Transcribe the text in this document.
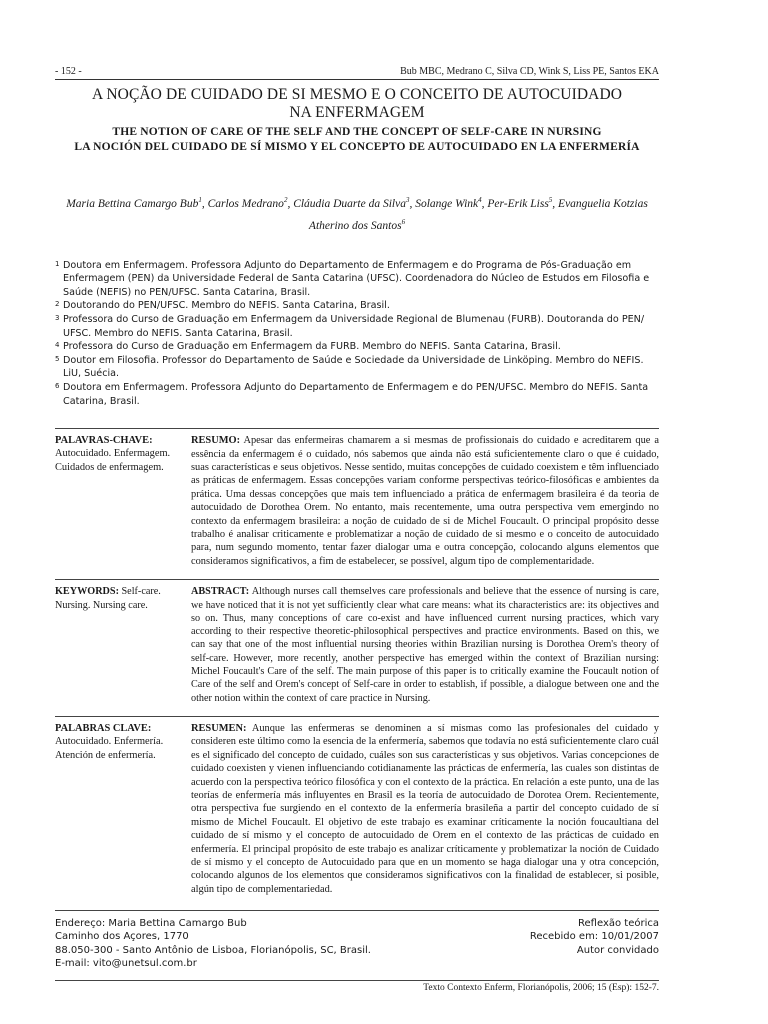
- 152 -	Bub MBC, Medrano C, Silva CD, Wink S, Liss PE, Santos EKA
A NOÇÃO DE CUIDADO DE SI MESMO E O CONCEITO DE AUTOCUIDADO
NA ENFERMAGEM
THE NOTION OF CARE OF THE SELF AND THE CONCEPT OF SELF-CARE IN NURSING
LA NOCIÓN DEL CUIDADO DE SÍ MISMO Y EL CONCEPTO DE AUTOCUIDADO EN LA ENFERMERÍA
Maria Bettina Camargo Bub$^1$, Carlos Medrano$^2$, Cláudia Duarte da Silva$^3$, Solange Wink$^4$, Per-Erik Liss$^5$, Evanguelia Kotzias Atherino dos Santos$^6$
1 Doutora em Enfermagem. Professora Adjunto do Departamento de Enfermagem e do Programa de Pós-Graduação em Enfermagem (PEN) da Universidade Federal de Santa Catarina (UFSC). Coordenadora do Núcleo de Estudos em Filosofia e Saúde (NEFIS) no PEN/UFSC. Santa Catarina, Brasil.
2 Doutorando do PEN/UFSC. Membro do NEFIS. Santa Catarina, Brasil.
3 Professora do Curso de Graduação em Enfermagem da Universidade Regional de Blumenau (FURB). Doutoranda do PEN/ UFSC. Membro do NEFIS. Santa Catarina, Brasil.
4 Professora do Curso de Graduação em Enfermagem da FURB. Membro do NEFIS. Santa Catarina, Brasil.
5 Doutor em Filosofia. Professor do Departamento de Saúde e Sociedade da Universidade de Linköping. Membro do NEFIS. LiU, Suécia.
6 Doutora em Enfermagem. Professora Adjunto do Departamento de Enfermagem e do PEN/UFSC. Membro do NEFIS. Santa Catarina, Brasil.
PALAVRAS-CHAVE: Autocuidado. Enfermagem. Cuidados de enfermagem.
RESUMO: Apesar das enfermeiras chamarem a si mesmas de profissionais do cuidado e acreditarem que a essência da enfermagem é o cuidado, nós sabemos que ainda não está suficientemente claro o que é cuidado, suas características e seus objetivos. Nesse sentido, muitas concepções de cuidado coexistem e têm influenciado as práticas de enfermagem. Essas concepções variam conforme perspectivas teórico-filosóficas e ambientes da prática. Uma dessas concepções que mais tem influenciado a prática de enfermagem brasileira é da teoria de autocuidado de Dorothea Orem. No entanto, mais recentemente, uma outra perspectiva vem emergindo no contexto da enfermagem brasileira: a noção de cuidado de si de Michel Foucault. O principal propósito desse trabalho é analisar criticamente e problematizar a noção de cuidado de si mesmo e o conceito de autocuidado para, num segundo momento, tentar fazer dialogar uma e outra concepção, colocando alguns elementos que consideramos significativos, a fim de estabelecer, se possível, algum tipo de complementaridade.
KEYWORDS: Self-care. Nursing. Nursing care.
ABSTRACT: Although nurses call themselves care professionals and believe that the essence of nursing is care, we have noticed that it is not yet sufficiently clear what care means: what its characteristics are: its objectives and so on. Thus, many conceptions of care co-exist and have influenced current nursing practices, which vary according to their respective theoretic-philosophical perspectives and practice environments. Based on this, we can say that one of the most influential nursing theories within Brazilian nursing is Dorothea Orem's theory of self-care. However, more recently, another perspective has emerged within the context of Brazilian nursing: Michel Foucault's Care of the self. The main purpose of this paper is to critically examine the Foucault notion of Care of the self and Orem's concept of Self-care in order to establish, if possible, a dialogue between one and the other notion within the context of care practice in Nursing.
PALABRAS CLAVE: Autocuidado. Enfermería. Atención de enfermería.
RESUMEN: Aunque las enfermeras se denominen a sí mismas como las profesionales del cuidado y consideren este último como la esencia de la enfermería, sabemos que todavía no está suficientemente claro cuál es el significado del concepto de cuidado, cuáles son sus características y sus objetivos. Varias concepciones de cuidado coexisten y vienen influenciando cotidianamente las prácticas de enfermería, las cuales son distintas de acuerdo con la perspectiva teórico filosófica y con el contexto de la práctica. En relación a este punto, una de las teorías de enfermería más influyentes en Brasil es la teoría de autocuidado de Dorotea Orem. Recientemente, otra perspectiva fue surgiendo en el contexto de la enfermería brasileña a partir del concepto cuidado de sí mismo de Michel Foucault. El objetivo de este trabajo es examinar críticamente la noción foucaultiana del cuidado de sí mismo y el concepto de autocuidado de Orem en el contexto de las prácticas de cuidado en enfermería. El principal propósito de este trabajo es analizar críticamente y problematizar la noción de Cuidado de sí mismo y el concepto de Autocuidado para que en un momento se haga dialogar una y otra concepción, colocando algunos de los elementos que consideramos significativos con la finalidad de establecer, si posible, algún tipo de complementariedad.
Endereço: Maria Bettina Camargo Bub
Caminho dos Açores, 1770
88.050-300 - Santo Antônio de Lisboa, Florianópolis, SC, Brasil.
E-mail: vito@unetsul.com.br
Reflexão teórica
Recebido em: 10/01/2007
Autor convidado
Texto Contexto Enferm, Florianópolis, 2006; 15 (Esp): 152-7.
